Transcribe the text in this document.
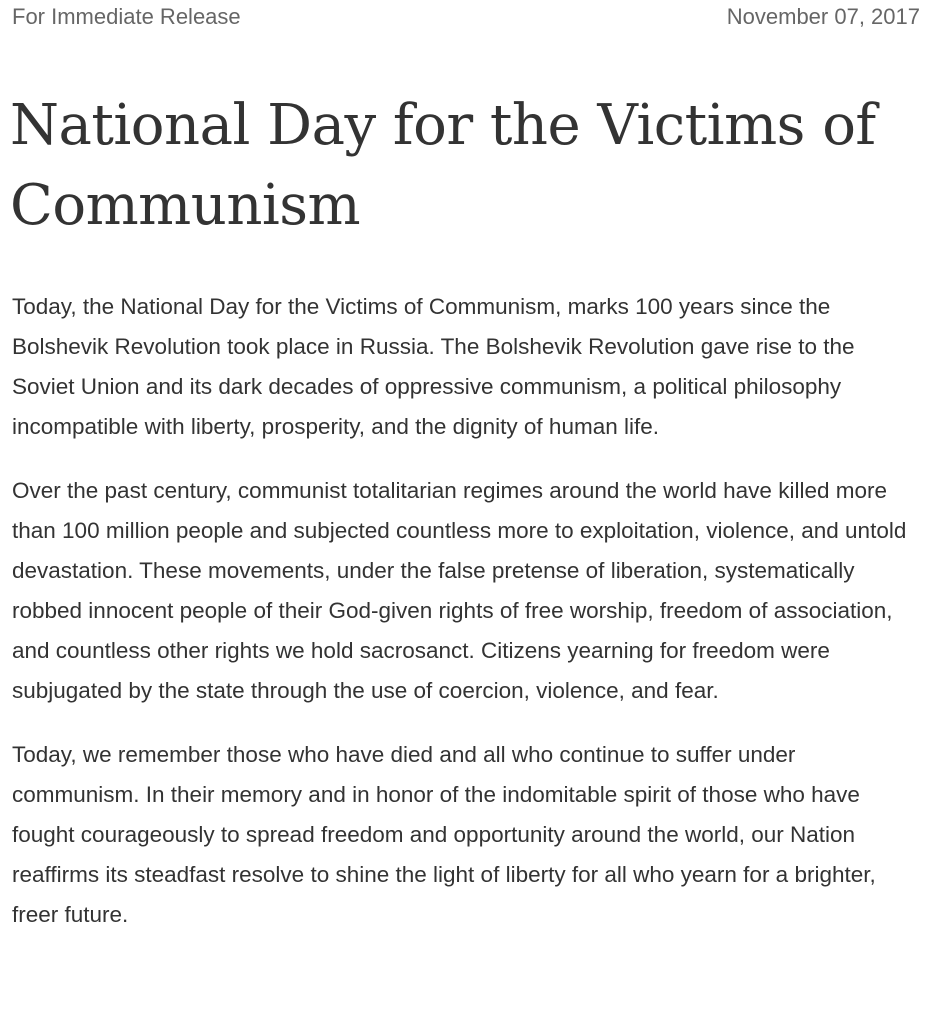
For Immediate Release	November 07, 2017
National Day for the Victims of Communism

Today, the National Day for the Victims of Communism, marks 100 years since the Bolshevik Revolution took place in Russia. The Bolshevik Revolution gave rise to the Soviet Union and its dark decades of oppressive communism, a political philosophy incompatible with liberty, prosperity, and the dignity of human life.

Over the past century, communist totalitarian regimes around the world have killed more than 100 million people and subjected countless more to exploitation, violence, and untold devastation. These movements, under the false pretense of liberation, systematically robbed innocent people of their God-given rights of free worship, freedom of association, and countless other rights we hold sacrosanct. Citizens yearning for freedom were subjugated by the state through the use of coercion, violence, and fear.

Today, we remember those who have died and all who continue to suffer under communism. In their memory and in honor of the indomitable spirit of those who have fought courageously to spread freedom and opportunity around the world, our Nation reaffirms its steadfast resolve to shine the light of liberty for all who yearn for a brighter, freer future.
